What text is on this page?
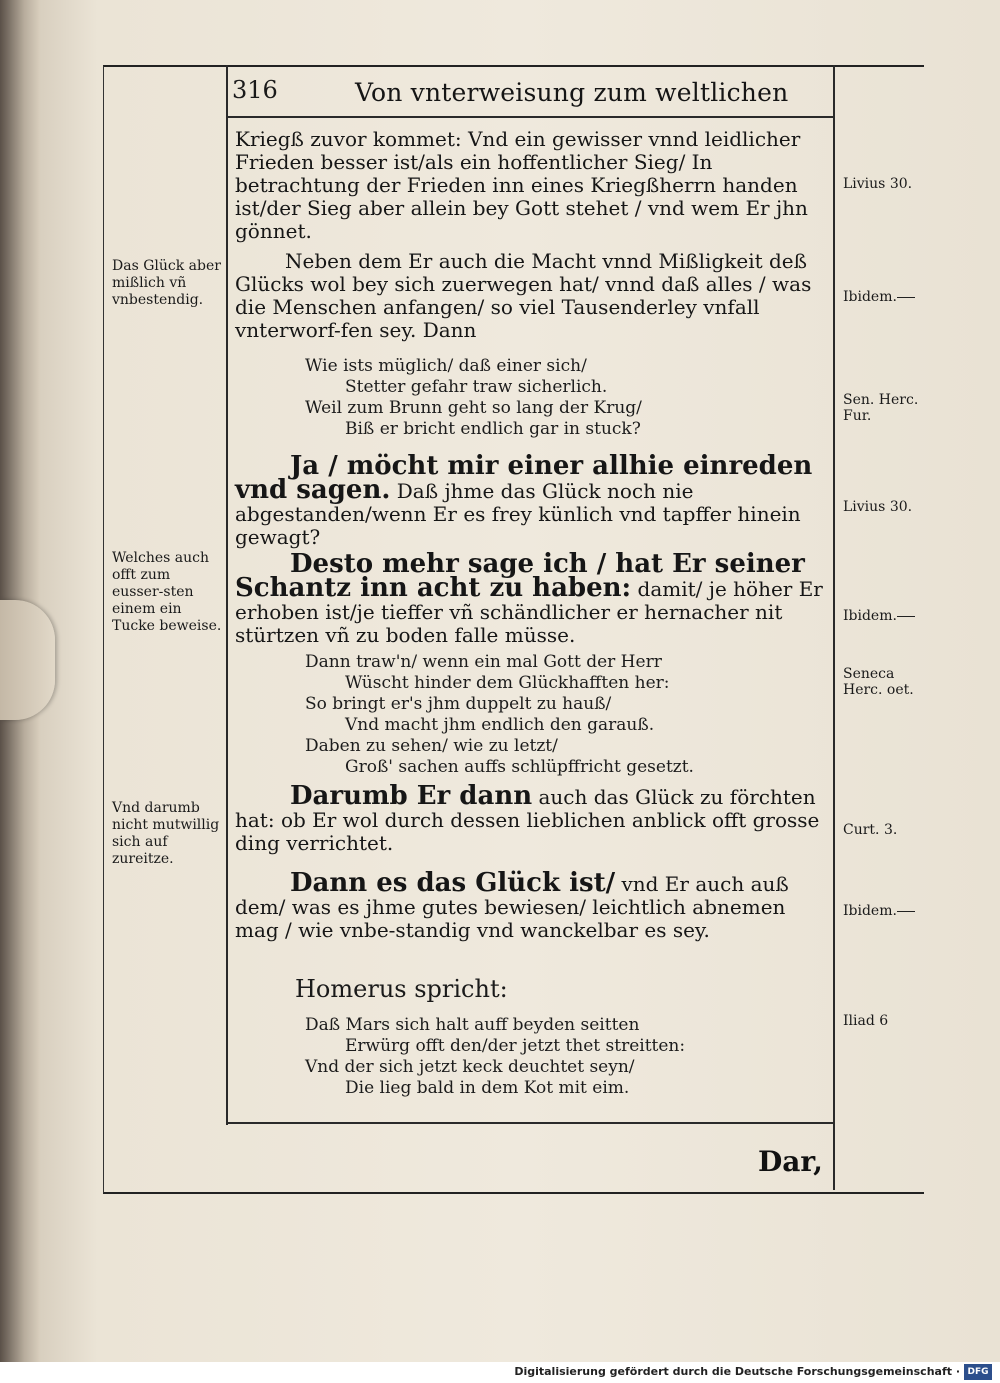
316	Von vnterweisung zum weltlichen
Kriegß zuvor kommet: Vnd ein gewisser vnnd leidlicher Frieden besser ist/als ein hoffentlicher Sieg/ In betrachtung der Frieden inn eines Kriegßherrn handen ist/der Sieg aber allein bey Gott stehet / vnd wem Er jhn gönnet.
Neben dem Er auch die Macht vnnd Mißligkeit deß Glücks wol bey sich zuerwegen hat/ vnnd daß alles / was die Menschen anfangen/ so viel Tausenderley vnfall vnterworf-fen sey. Dann
Wie ists müglich/ daß einer sich/
Stetter gefahr traw sicherlich.
Weil zum Brunn geht so lang der Krug/
Biß er bricht endlich gar in stuck?
Ja / möcht mir einer allhie einreden vnd sagen. Daß jhme das Glück noch nie abgestanden/wenn Er es frey künlich vnd tapffer hinein gewagt?
Desto mehr sage ich / hat Er seiner Schantz inn acht zu haben: damit/ je höher Er erhoben ist/je tieffer vñ schändlicher er hernacher nit stürtzen vñ zu boden falle müsse.
Dann traw'n/ wenn ein mal Gott der Herr
Wüscht hinder dem Glückhafften her:
So bringt er's jhm duppelt zu hauß/
Vnd macht jhm endlich den garauß.
Daben zu sehen/ wie zu letzt/
Groß' sachen auffs schlüpffricht gesetzt.
Darumb Er dann auch das Glück zu förchten hat: ob Er wol durch dessen lieblichen anblick offt grosse ding verrichtet.
Dann es das Glück ist/ vnd Er auch auß dem/ was es jhme gutes bewiesen/ leichtlich abnemen mag / wie vnbe-standig vnd wanckelbar es sey.
Homerus spricht:
Daß Mars sich halt auff beyden seitten
Erwürg offt den/der jetzt thet streitten:
Vnd der sich jetzt keck deuchtet seyn/
Die lieg bald in dem Kot mit eim.
Das Glück aber mißlich vñ vnbestendig.
Welches auch offt zum eusser-sten einem ein Tucke beweise.
Vnd darumb nicht mutwillig sich auf zureitze.
Livius 30.
Ibidem.
Sen. Herc. Fur.
Livius 30.
Ibidem.
Seneca Herc. oet.
Curt. 3.
Ibidem.
Iliad 6
Dar,
Digitalisierung gefördert durch die Deutsche Forschungsgemeinschaft · DFG
